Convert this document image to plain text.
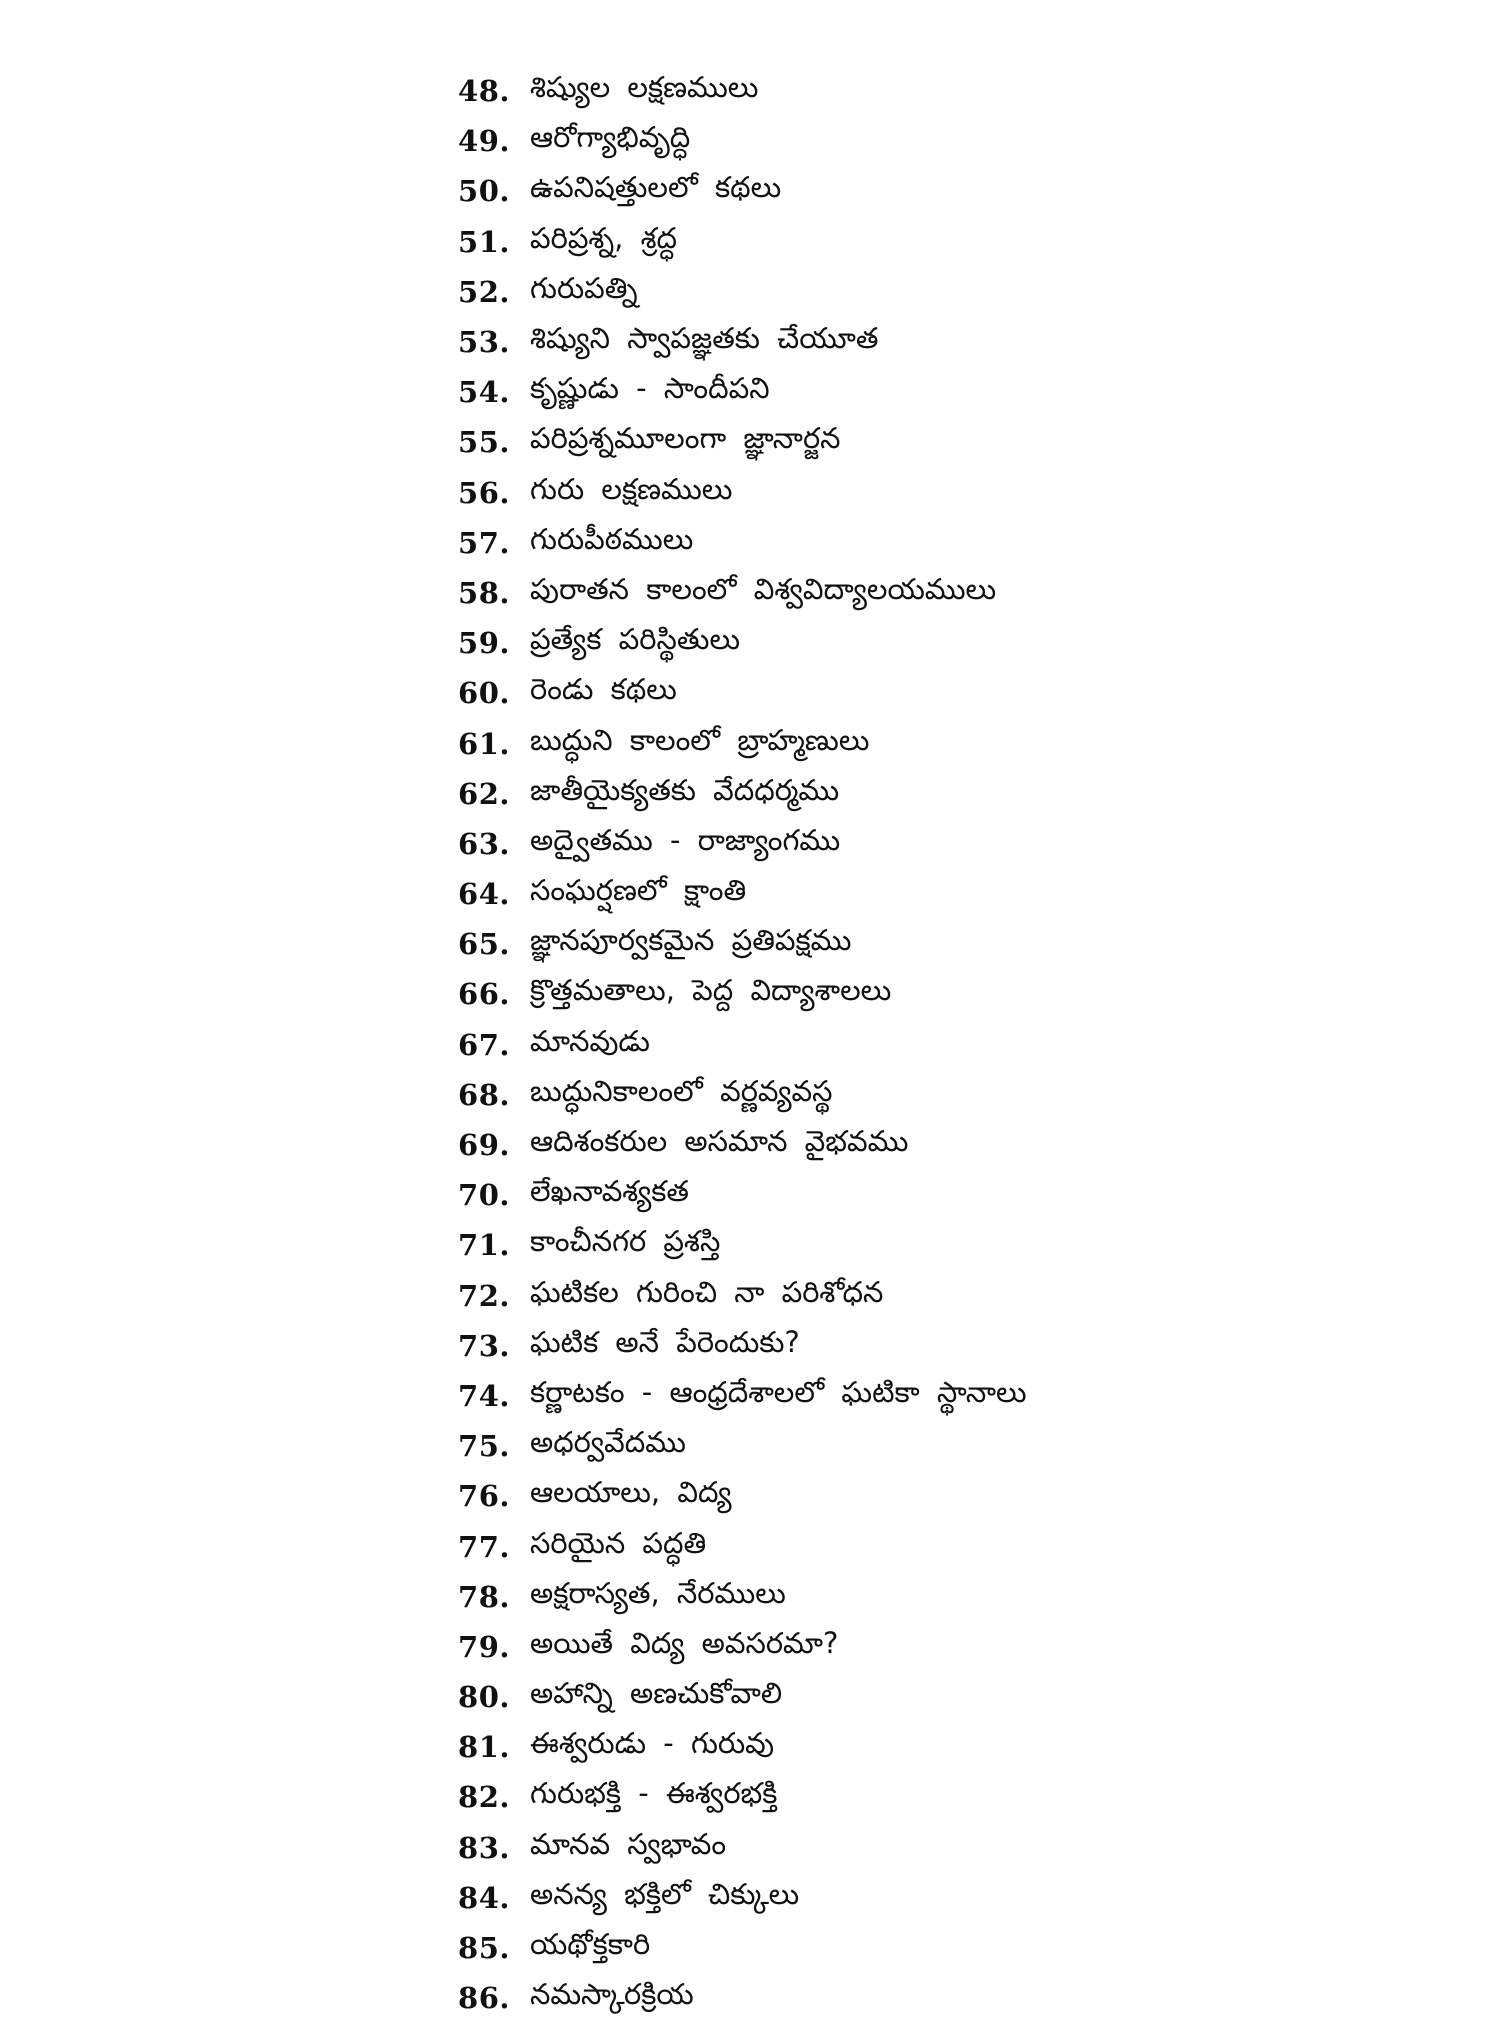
48. శిష్యుల లక్షణములు
49. ఆరోగ్యాభివృద్ధి
50. ఉపనిషత్తులలో కథలు
51. పరిప్రశ్న, శ్రద్ధ
52. గురుపత్ని
53. శిష్యుని స్వాపజ్ఞతకు చేయూత
54. కృష్ణుడు - సాందీపని
55. పరిప్రశ్నమూలంగా జ్ఞానార్జన
56. గురు లక్షణములు
57. గురుపీఠములు
58. పురాతన కాలంలో విశ్వవిద్యాలయములు
59. ప్రత్యేక పరిస్థితులు
60. రెండు కథలు
61. బుద్ధుని కాలంలో బ్రాహ్మణులు
62. జాతీయైక్యతకు వేదధర్మము
63. అద్వైతము - రాజ్యాంగము
64. సంఘర్షణలో క్షాంతి
65. జ్ఞానపూర్వకమైన ప్రతిపక్షము
66. క్రొత్తమతాలు, పెద్ద విద్యాశాలలు
67. మానవుడు
68. బుద్ధునికాలంలో వర్ణవ్యవస్థ
69. ఆదిశంకరుల అసమాన వైభవము
70. లేఖనావశ్యకత
71. కాంచీనగర ప్రశస్తి
72. ఘటికల గురించి నా పరిశోధన
73. ఘటిక అనే పేరెందుకు?
74. కర్ణాటకం - ఆంధ్రదేశాలలో ఘటికా స్థానాలు
75. అధర్వవేదము
76. ఆలయాలు, విద్య
77. సరియైన పద్ధతి
78. అక్షరాస్యత, నేరములు
79. అయితే విద్య అవసరమా?
80. అహాన్ని అణచుకోవాలి
81. ఈశ్వరుడు - గురువు
82. గురుభక్తి - ఈశ్వరభక్తి
83. మానవ స్వభావం
84. అనన్య భక్తిలో చిక్కులు
85. యథోక్తకారి
86. నమస్కారక్రియ
